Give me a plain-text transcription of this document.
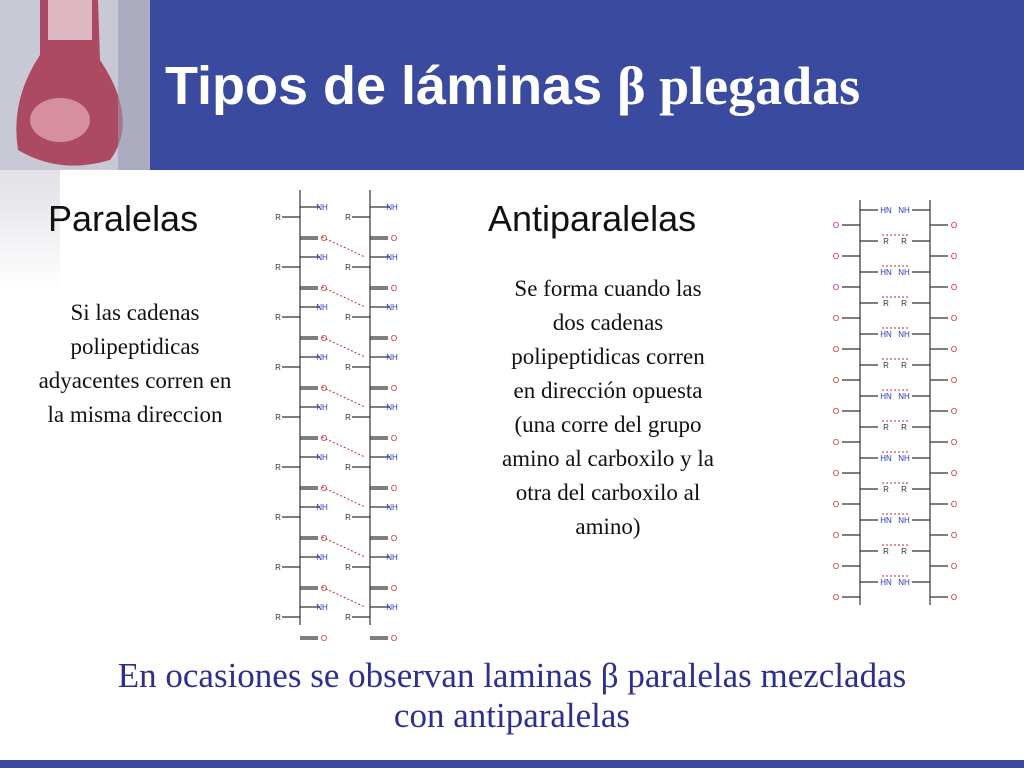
Tipos de láminas β plegadas
Paralelas	Antiparalelas
Si las cadenas
polipeptidicas
adyacentes corren en
la misma direccion
Se forma cuando las
dos cadenas
polipeptidicas corren
en dirección opuesta
(una corre del grupo
amino al carboxilo y la
otra del carboxilo al
amino)
NH
R
O
NH
R
O
NH
R
O
NH
R
O
NH
R
O
NH
R
O
NH
R
O
NH
R
O
NH
R
O
NH
R
O
NH
R
O
NH
R
O
NH
R
O
NH
R
O
NH
R
O
NH
R
O
NH
R
O
NH
R
O
HN
O
R
O
HN
O
R
O
HN
O
R
O
HN
O
R
O
HN
O
R
O
HN
O
R
O
HN
O
NH
O
R
O
NH
O
R
O
NH
O
R
O
NH
O
R
O
NH
O
R
O
NH
O
R
O
NH
O
En ocasiones se observan laminas β paralelas mezcladas
con antiparalelas
